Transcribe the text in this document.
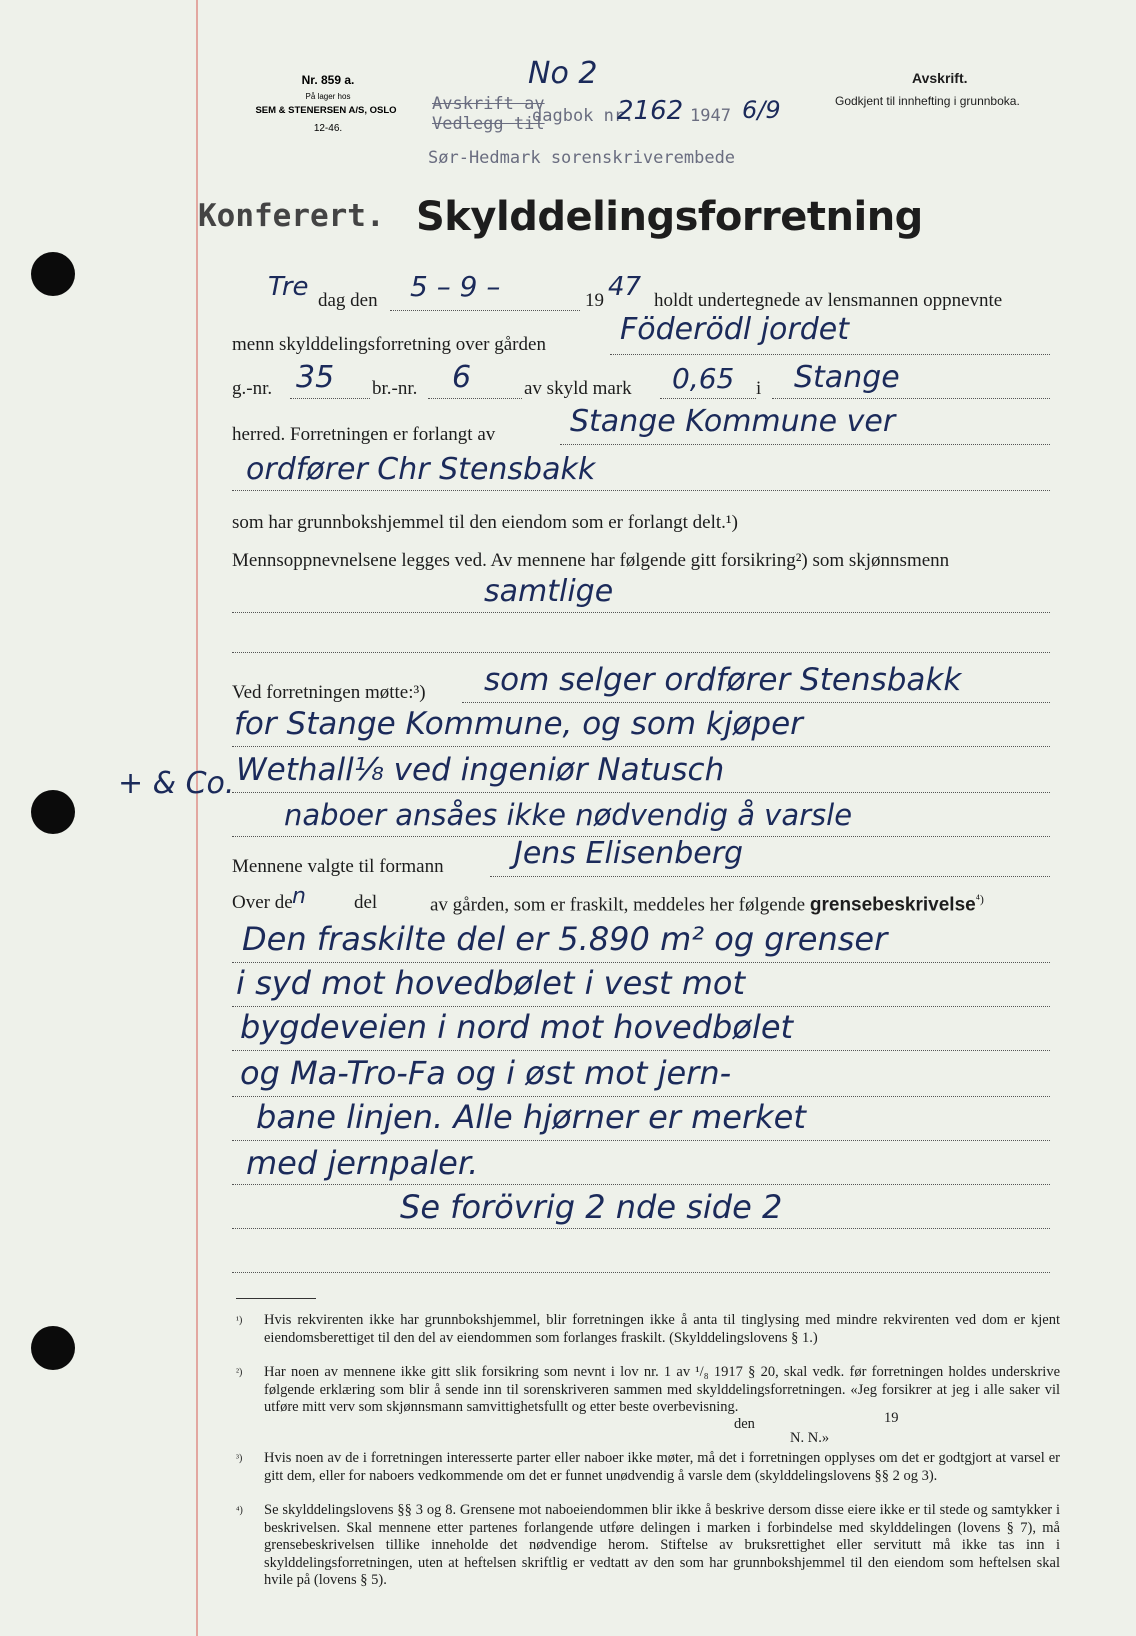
Nr. 859 a.
På lager hos
SEM & STENERSEN A/S, OSLO
12-46.
No 2
Avskrift av
Vedlegg til
dagbok nr.
2162 1947 6/9
Sør-Hedmark sorenskriverembede
Avskrift.
Godkjent til innhefting i grunnboka.
Konferert. Skylddelingsforretning
Tre dag den 5 – 9 –	19 47 holdt undertegnede av lensmannen oppnevnte
menn skylddelingsforretning over gården Föderödl jordet
g.-nr. 35 br.-nr. 6	av skyld mark 0,65 i Stange
herred. Forretningen er forlangt av Stange Kommune ver
ordfører Chr Stensbakk
som har grunnbokshjemmel til den eiendom som er forlangt delt.¹)
Mennsoppnevnelsene legges ved. Av mennene har følgende gitt forsikring²) som skjønnsmenn
samtlige
Ved forretningen møtte:³) som selger ordfører Stensbakk
for Stange Kommune, og som kjøper
Wethall¹⁄₈ ved ingeniør Natusch
+ & Co.
naboer ansåes ikke nødvendig å varsle
Mennene valgte til formann Jens Elisenberg
Over de n	del	av gården, som er fraskilt, meddeles her følgende grensebeskrivelse$^{^4)}$
Den fraskilte del er 5.890 m² og grenser
i syd mot hovedbølet i vest mot
bygdeveien i nord mot hovedbølet
og Ma-Tro-Fa og i øst mot jern-
bane linjen. Alle hjørner er merket
med jernpaler.
Se forövrig 2 nde side 2
¹)	Hvis rekvirenten ikke har grunnbokshjemmel, blir forretningen ikke å anta til tinglysing med mindre rekvirenten ved dom er kjent eiendomsberettiget til den del av eiendommen som forlanges fraskilt. (Skylddelingslovens § 1.)
²)	Har noen av mennene ikke gitt slik forsikring som nevnt i lov nr. 1 av ¹/₈ 1917 § 20, skal vedk. før forretningen holdes underskrive følgende erklæring som blir å sende inn til sorenskriveren sammen med skylddelingsforretningen. «Jeg forsikrer at jeg i alle saker vil utføre mitt verv som skjønnsmann samvittighetsfullt og etter beste overbevisning.
den	19
N. N.»
³)	Hvis noen av de i forretningen interesserte parter eller naboer ikke møter, må det i forretningen opplyses om det er godtgjort at varsel er gitt dem, eller for naboers vedkommende om det er funnet unødvendig å varsle dem (skylddelingslovens §§ 2 og 3).
⁴)	Se skylddelingslovens §§ 3 og 8. Grensene mot naboeiendommen blir ikke å beskrive dersom disse eiere ikke er til stede og samtykker i beskrivelsen. Skal mennene etter partenes forlangende utføre delingen i marken i forbindelse med skylddelingen (lovens § 7), må grensebeskrivelsen tillike inneholde det nødvendige herom. Stiftelse av bruksrettighet eller servitutt må ikke tas inn i skylddelingsforretningen, uten at heftelsen skriftlig er vedtatt av den som har grunnbokshjemmel til den eiendom som heftelsen skal hvile på (lovens § 5).
